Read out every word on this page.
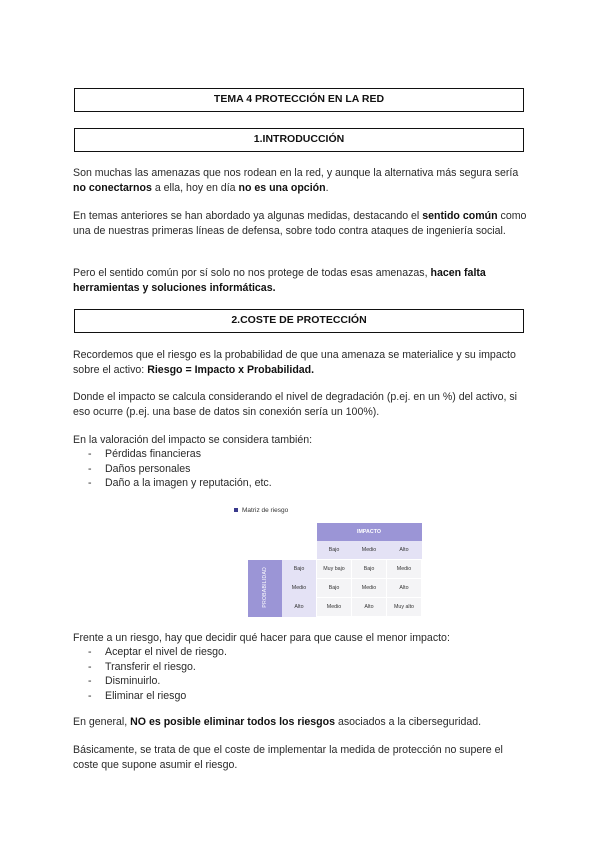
TEMA 4 PROTECCIÓN EN LA RED
1.INTRODUCCIÓN

Son muchas las amenazas que nos rodean en la red, y aunque la alternativa más segura sería no conectarnos a ella, hoy en día no es una opción.

En temas anteriores se han abordado ya algunas medidas, destacando el sentido común como una de nuestras primeras líneas de defensa, sobre todo contra ataques de ingeniería social.

Pero el sentido común por sí solo no nos protege de todas esas amenazas, hacen falta herramientas y soluciones informáticas.

2.COSTE DE PROTECCIÓN

Recordemos que el riesgo es la probabilidad de que una amenaza se materialice y su impacto sobre el activo: Riesgo = Impacto x Probabilidad.

Donde el impacto se calcula considerando el nivel de degradación (p.ej. en un %) del activo, si eso ocurre (p.ej. una base de datos sin conexión sería un 100%).

En la valoración del impacto se considera también:

- Pérdidas financieras
- Daños personales
- Daño a la imagen y reputación, etc.
Matriz de riesgo
		IMPACTO		
		Bajo	Medio	Alto
PROBABILIDAD	Bajo	Muy bajo	Bajo	Medio
	Medio	Bajo	Medio	Alto
	Alto	Medio	Alto	Muy alto

Frente a un riesgo, hay que decidir qué hacer para que cause el menor impacto:

- Aceptar el nivel de riesgo.
- Transferir el riesgo.
- Disminuirlo.
- Eliminar el riesgo

En general, NO es posible eliminar todos los riesgos asociados a la ciberseguridad.

Básicamente, se trata de que el coste de implementar la medida de protección no supere el coste que supone asumir el riesgo.
